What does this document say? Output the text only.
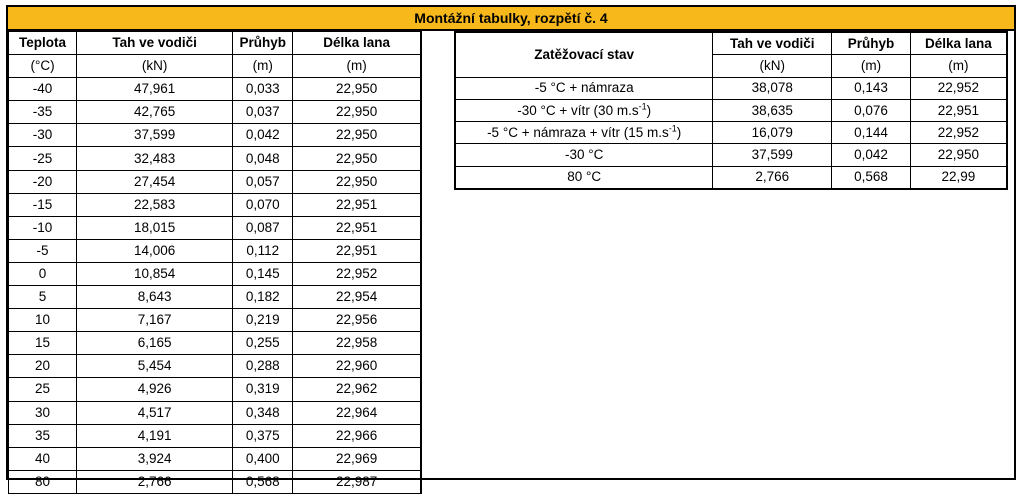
Montážní tabulky, rozpětí č. 4
Teplota	Tah ve vodiči	Průhyb	Délka lana
(°C)	(kN)	(m)	(m)
-40	47,961	0,033	22,950
-35	42,765	0,037	22,950
-30	37,599	0,042	22,950
-25	32,483	0,048	22,950
-20	27,454	0,057	22,950
-15	22,583	0,070	22,951
-10	18,015	0,087	22,951
-5	14,006	0,112	22,951
0	10,854	0,145	22,952
5	8,643	0,182	22,954
10	7,167	0,219	22,956
15	6,165	0,255	22,958
20	5,454	0,288	22,960
25	4,926	0,319	22,962
30	4,517	0,348	22,964
35	4,191	0,375	22,966
40	3,924	0,400	22,969
80	2,766	0,568	22,987
Zatěžovací stav	Tah ve vodiči	Průhyb	Délka lana
	(kN)	(m)	(m)
-5 °C + námraza	38,078	0,143	22,952
-30 °C + vítr (30 $m.s^{-1}$)	38,635	0,076	22,951
-5 °C + námraza + vítr (15 $m.s^{-1}$)	16,079	0,144	22,952
-30 °C	37,599	0,042	22,950
80 °C	2,766	0,568	22,99
